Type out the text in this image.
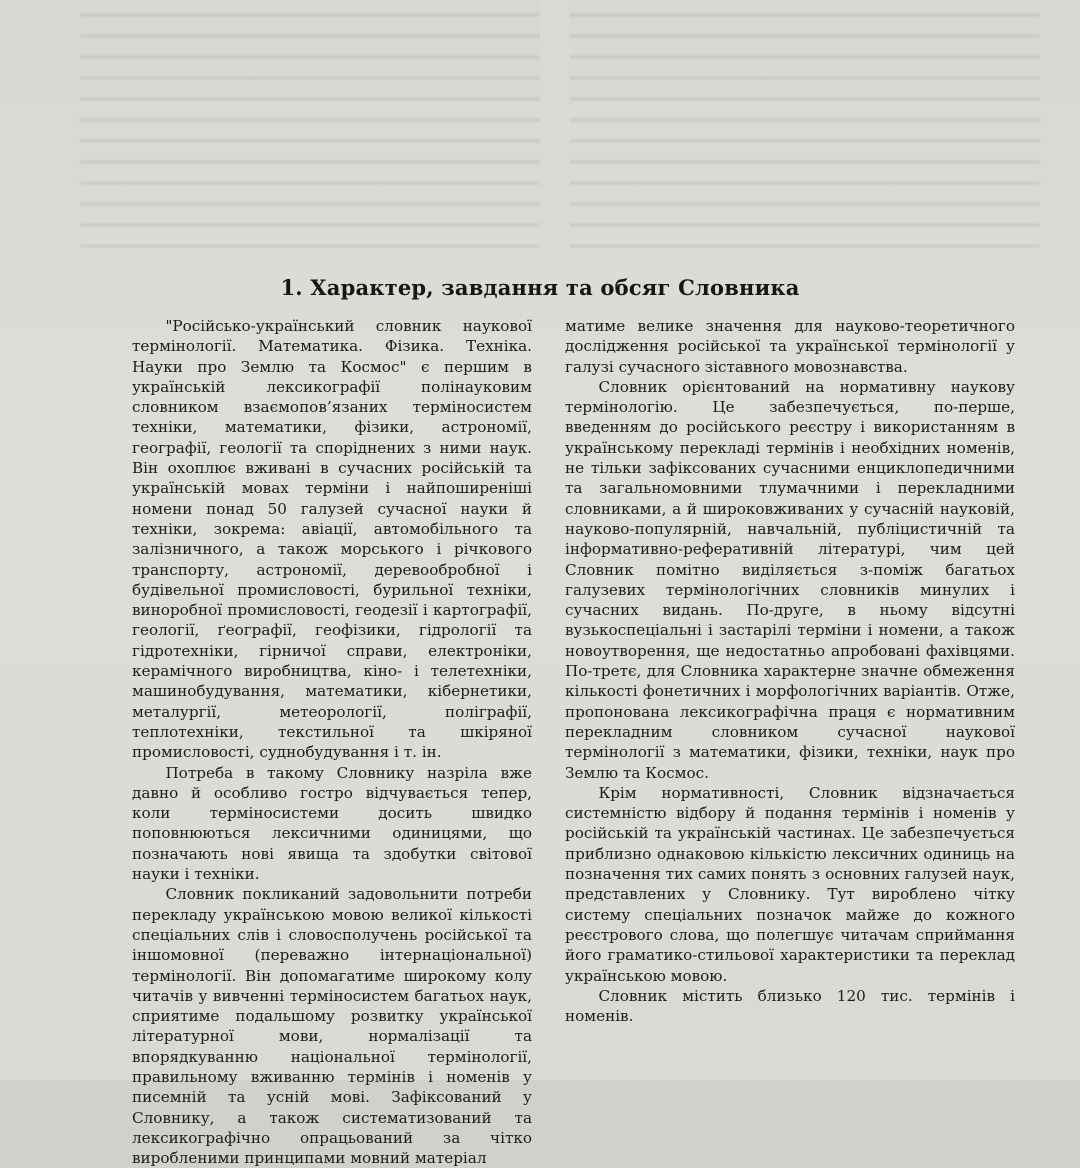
1. Характер, завдання та обсяг Словника

"Російсько-український словник наукової термінології. Математика. Фізика. Техніка. Науки про Землю та Космос" є першим в українській лексикографії полінауковим словником взаємопов’язаних терміносистем техніки, математики, фізики, астрономії, географії, геології та споріднених з ними наук. Він охоплює вживані в сучасних російській та українській мовах терміни і найпоширеніші номени понад 50 галузей сучасної науки й техніки, зокрема: авіації, автомобільного та залізничного, а також морського і річкового транспорту, астрономії, деревообробної і будівельної промисловості, бурильної техніки, виноробної промисловості, геодезії і картографії, геології, ґеографії, геофізики, гідрології та гідротехніки, гірничої справи, електроніки, керамічного виробництва, кіно- і телетехніки, машинобудування, математики, кібернетики, металургії, метеорології, поліграфії, теплотехніки, текстильної та шкіряної промисловості, суднобудування і т. ін.

Потреба в такому Словнику назріла вже давно й особливо гостро відчувається тепер, коли терміносистеми досить швидко поповнюються лексичними одиницями, що позначають нові явища та здобутки світової науки і техніки.

Словник покликаний задовольнити потреби перекладу українською мовою великої кількості спеціальних слів і словосполучень російської та іншомовної (переважно інтернаціональної) термінології. Він допомагатиме широкому колу читачів у вивченні терміносистем багатьох наук, сприятиме подальшому розвитку української літературної мови, нормалізації та впорядкуванню національної термінології, правильному вживанню термінів і номенів у писемній та усній мові. Зафіксований у Словнику, а також систематизований та лексикографічно опрацьований за чітко виробленими принципами мовний матеріал

матиме велике значення для науково-теоретичного дослідження російської та української термінології у галузі сучасного зіставного мовознавства.

Словник орієнтований на нормативну наукову термінологію. Це забезпечується, по-перше, введенням до російського реєстру і використанням в українському перекладі термінів і необхідних номенів, не тільки зафіксованих сучасними енциклопедичними та загальномовними тлумачними і перекладними словниками, а й широковживаних у сучасній науковій, науково-популярній, навчальній, публіцистичній та інформативно-реферативній літературі, чим цей Словник помітно виділяється з-поміж багатьох галузевих термінологічних словників минулих і сучасних видань. По-друге, в ньому відсутні вузькоспеціальні і застарілі терміни і номени, а також новоутворення, ще недостатньо апробовані фахівцями. По-третє, для Словника характерне значне обмеження кількості фонетичних і морфологічних варіантів. Отже, пропонована лексикографічна праця є нормативним перекладним словником сучасної наукової термінології з математики, фізики, техніки, наук про Землю та Космос.

Крім нормативності, Словник відзначається системністю відбору й подання термінів і номенів у російській та українській частинах. Це забезпечується приблизно однаковою кількістю лексичних одиниць на позначення тих самих понять з основних галузей наук, представлених у Словнику. Тут вироблено чітку систему спеціальних позначок майже до кожного реєстрового слова, що полегшує читачам сприймання його граматико-стильової характеристики та переклад українською мовою.

Словник містить близько 120 тис. термінів і номенів.
